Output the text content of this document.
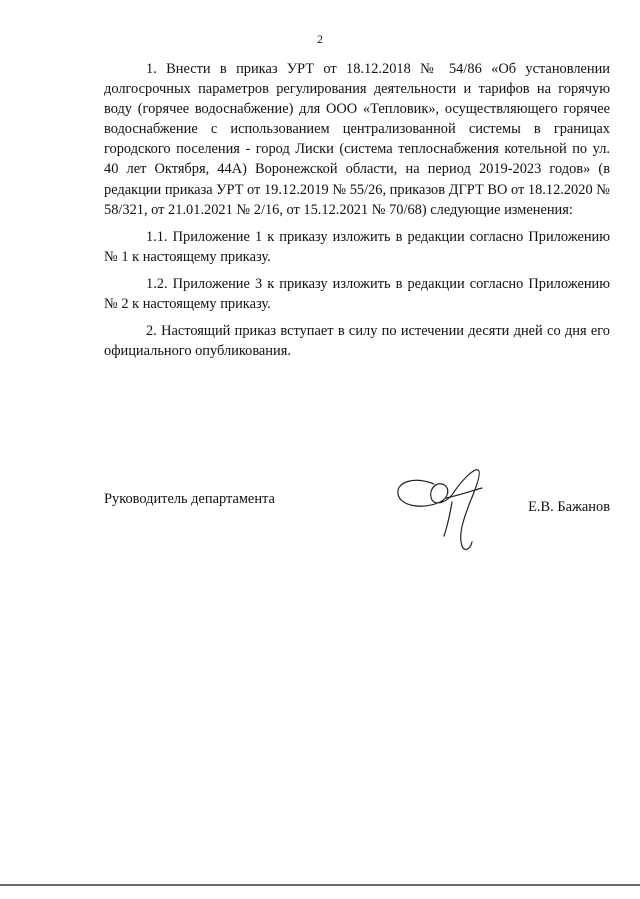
2

1. Внести в приказ УРТ от 18.12.2018 № 54/86 «Об установлении долгосрочных параметров регулирования деятельности и тарифов на горячую воду (горячее водоснабжение) для ООО «Тепловик», осуществляющего горячее водоснабжение с использованием централизованной системы в границах городского поселения - город Лиски (система теплоснабжения котельной по ул. 40 лет Октября, 44А) Воронежской области, на период 2019-2023 годов» (в редакции приказа УРТ от 19.12.2019 № 55/26, приказов ДГРТ ВО от 18.12.2020 № 58/321, от 21.01.2021 № 2/16, от 15.12.2021 № 70/68) следующие изменения:

1.1. Приложение 1 к приказу изложить в редакции согласно Приложению № 1 к настоящему приказу.

1.2. Приложение 3 к приказу изложить в редакции согласно Приложению № 2 к настоящему приказу.

2. Настоящий приказ вступает в силу по истечении десяти дней со дня его официального опубликования.

Руководитель департамента	Е.В. Бажанов
